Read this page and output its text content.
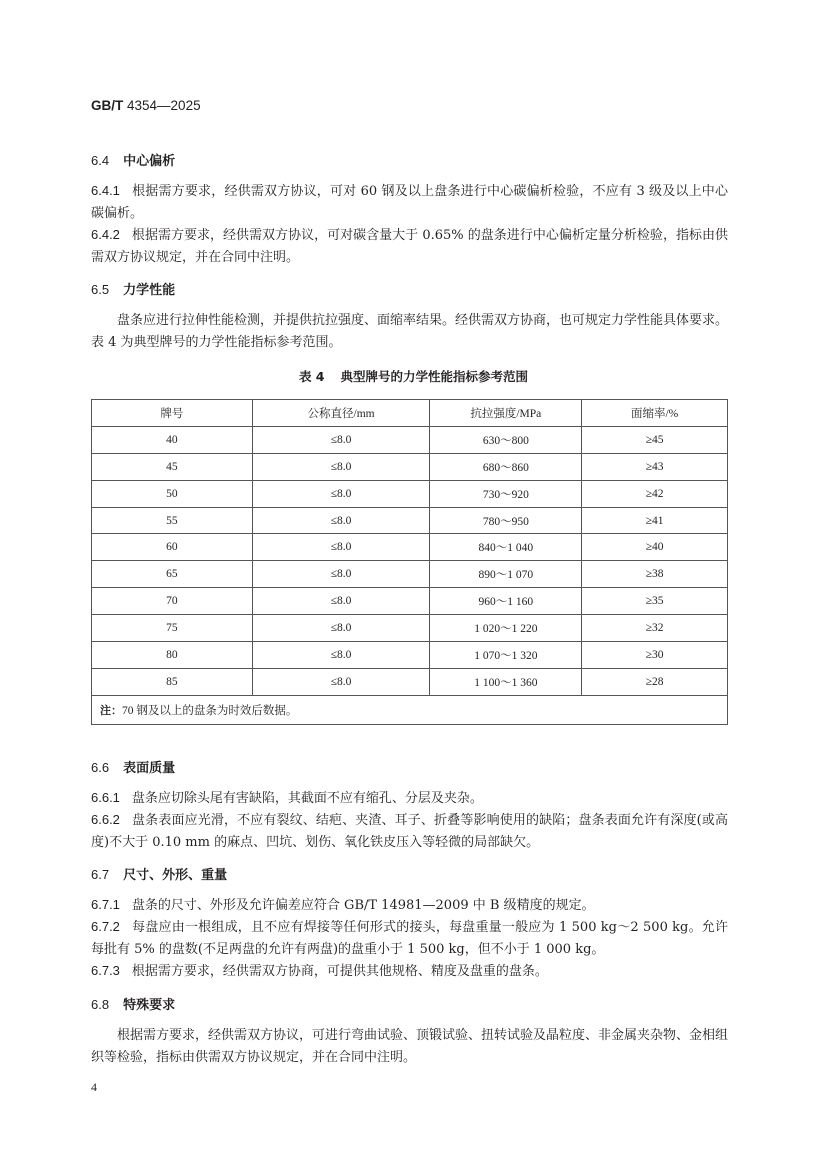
GB/T 4354—2025
6.4 中心偏析
6.4.1 根据需方要求，经供需双方协议，可对 60 钢及以上盘条进行中心碳偏析检验，不应有 3 级及以上中心碳偏析。
6.4.2 根据需方要求，经供需双方协议，可对碳含量大于 0.65% 的盘条进行中心偏析定量分析检验，指标由供需双方协议规定，并在合同中注明。
6.5 力学性能
盘条应进行拉伸性能检测，并提供抗拉强度、面缩率结果。经供需双方协商，也可规定力学性能具体要求。表 4 为典型牌号的力学性能指标参考范围。
表 4 典型牌号的力学性能指标参考范围
牌号	公称直径/mm	抗拉强度/MPa	面缩率/%
40	≤8.0	630～800	≥45
45	≤8.0	680～860	≥43
50	≤8.0	730～920	≥42
55	≤8.0	780～950	≥41
60	≤8.0	840～1 040	≥40
65	≤8.0	890～1 070	≥38
70	≤8.0	960～1 160	≥35
75	≤8.0	1 020～1 220	≥32
80	≤8.0	1 070～1 320	≥30
85	≤8.0	1 100～1 360	≥28
注：70 钢及以上的盘条为时效后数据。			
6.6 表面质量
6.6.1 盘条应切除头尾有害缺陷，其截面不应有缩孔、分层及夹杂。
6.6.2 盘条表面应光滑，不应有裂纹、结疤、夹渣、耳子、折叠等影响使用的缺陷；盘条表面允许有深度(或高度)不大于 0.10 mm 的麻点、凹坑、划伤、氧化铁皮压入等轻微的局部缺欠。
6.7 尺寸、外形、重量
6.7.1 盘条的尺寸、外形及允许偏差应符合 GB/T 14981—2009 中 B 级精度的规定。
6.7.2 每盘应由一根组成，且不应有焊接等任何形式的接头，每盘重量一般应为 1 500 kg～2 500 kg。允许每批有 5% 的盘数(不足两盘的允许有两盘)的盘重小于 1 500 kg，但不小于 1 000 kg。
6.7.3 根据需方要求，经供需双方协商，可提供其他规格、精度及盘重的盘条。
6.8 特殊要求
根据需方要求，经供需双方协议，可进行弯曲试验、顶锻试验、扭转试验及晶粒度、非金属夹杂物、金相组织等检验，指标由供需双方协议规定，并在合同中注明。
4
